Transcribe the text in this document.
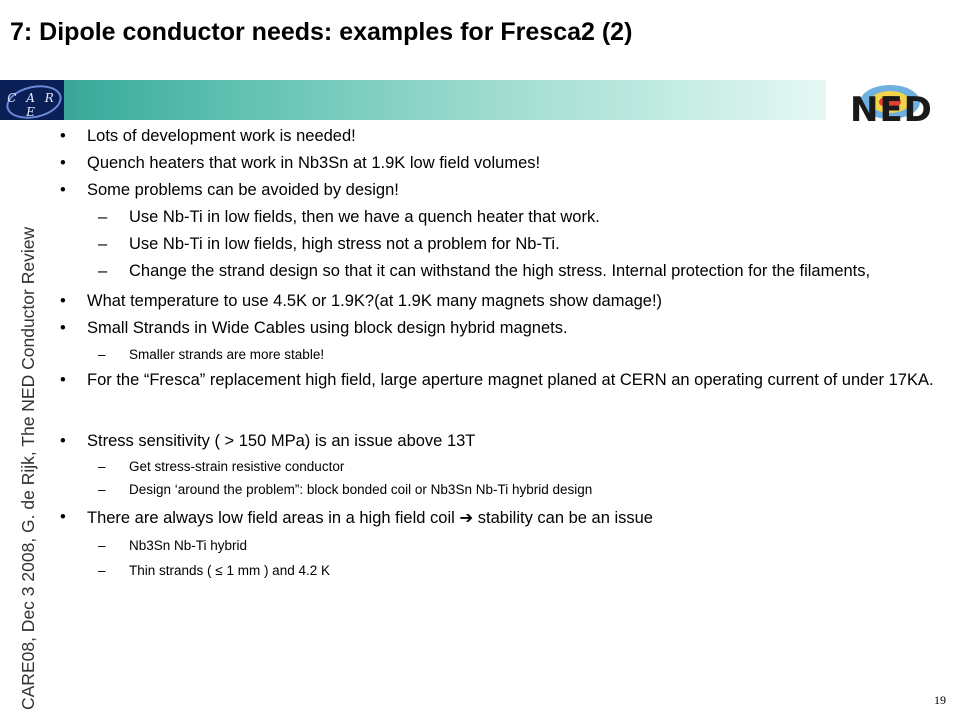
7: Dipole conductor needs: examples for Fresca2 (2)
C A R E	NED
CARE08, Dec 3 2008, G. de Rijk, The NED Conductor Review
• Lots of development work is needed!
• Quench heaters that work in Nb3Sn at 1.9K low field volumes!
• Some problems can be avoided by design!
– Use Nb-Ti in low fields, then we have a quench heater that work.
– Use Nb-Ti in low fields, high stress not a problem for Nb-Ti.
– Change the strand design so that it can withstand the high stress. Internal protection for the filaments,
• What temperature to use 4.5K or 1.9K?(at 1.9K many magnets show damage!)
• Small Strands in Wide Cables using block design hybrid magnets.
– Smaller strands are more stable!
• For the “Fresca” replacement high field, large aperture magnet planed at CERN an operating current of under 17KA.
• Stress sensitivity ( > 150 MPa) is an issue above 13T
– Get stress-strain resistive conductor
– Design ‘around the problem”: block bonded coil or Nb3Sn Nb-Ti hybrid design
• There are always low field areas in a high field coil ➔ stability can be an issue
– Nb3Sn Nb-Ti hybrid
– Thin strands ( ≤ 1 mm ) and 4.2 K
19
